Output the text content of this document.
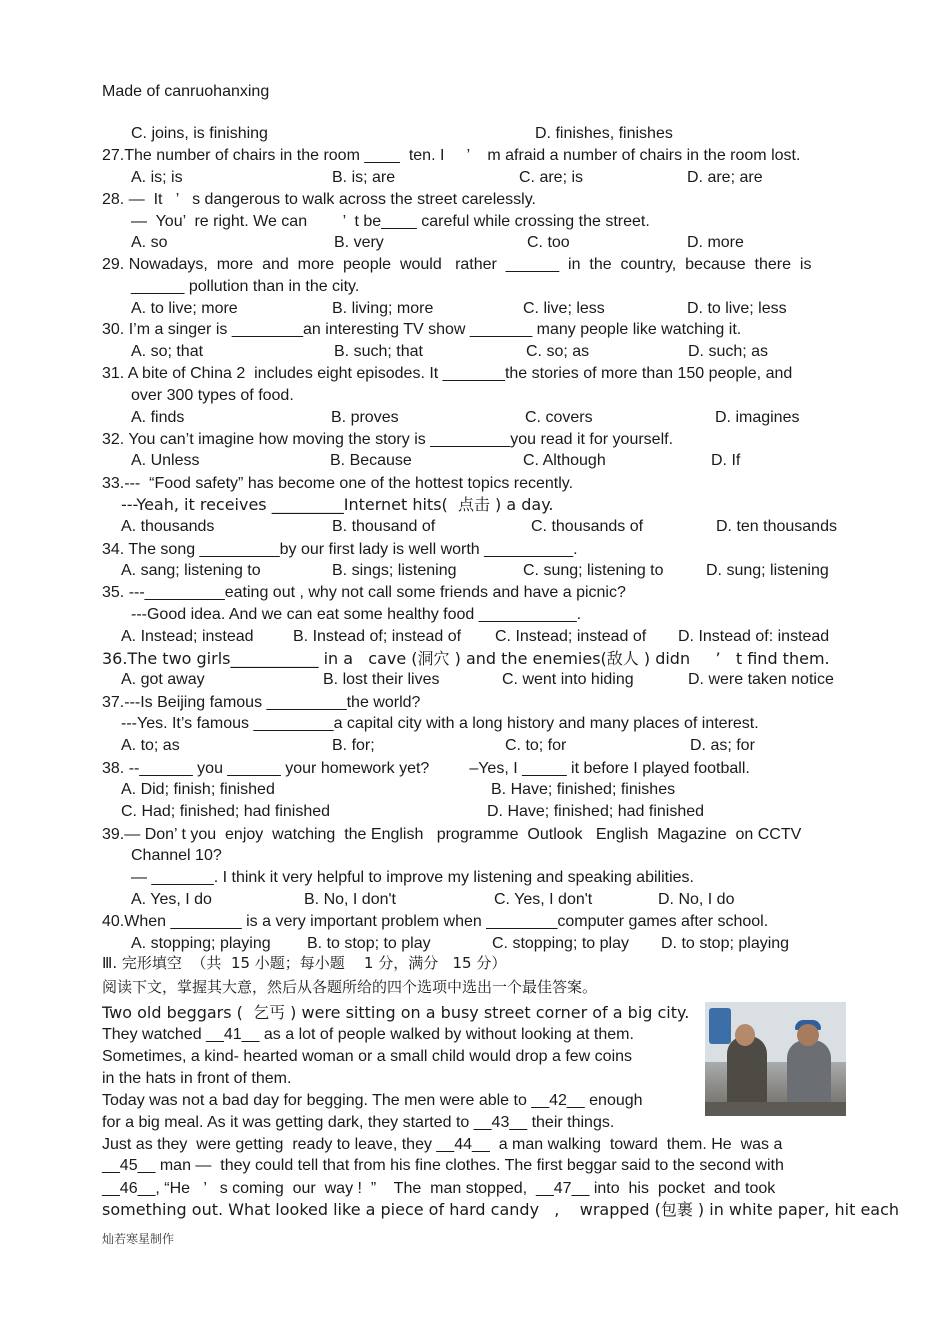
Made of canruohanxing
C. joins, is finishing	D. finishes, finishes
27.The number of chairs in the room ____  ten. I     ’    m afraid a number of chairs in the room lost.
A. is; is	B. is; are	C. are; is	D. are; are
28. —  It   ’   s dangerous to walk across the street carelessly.
—  You’  re right. We can        ’  t be____ careful while crossing the street.
A. so	B. very	C. too	D. more
29. Nowadays,  more  and  more  people  would   rather  ______  in  the  country,  because  there  is
______ pollution than in the city.
A. to live; more	B. living; more	C. live; less	D. to live; less
30. I’m a singer is ________an interesting TV show _______ many people like watching it.
A. so; that	B. such; that	C. so; as	D. such; as
31. A bite of China 2  includes eight episodes. It _______the stories of more than 150 people, and
over 300 types of food.
A. finds	B. proves	C. covers	D. imagines
32. You can’t imagine how moving the story is _________you read it for yourself.
A. Unless	B. Because	C. Although	D. If
33.---  “Food safety” has become one of the hottest topics recently.
---Yeah, it receives _________Internet hits(  点击 ) a day.
A. thousands	B. thousand of	C. thousands of	D. ten thousands
34. The song _________by our first lady is well worth __________.
A. sang; listening to	B. sings; listening	C. sung; listening to	D. sung; listening
35. ---_________eating out , why not call some friends and have a picnic?
---Good idea. And we can eat some healthy food ___________.
A. Instead; instead B. Instead of; instead of C. Instead; instead of D. Instead of: instead
36.The two girls___________ in a   cave (洞穴 ) and the enemies(敌人 ) didn     ’   t find them.
A. got away	B. lost their lives	C. went into hiding	D. were taken notice
37.---Is Beijing famous _________the world?
---Yes. It’s famous _________a capital city with a long history and many places of interest.
A. to; as	B. for;	C. to; for	D. as; for
38. --______ you ______ your homework yet?         –Yes, I _____ it before I played football.
A. Did; finish; finished	B. Have; finished; finishes
C. Had; finished; had finished	D. Have; finished; had finished
39.— Don’ t you  enjoy  watching  the English   programme  Outlook   English  Magazine  on CCTV
Channel 10?
— _______. I think it very helpful to improve my listening and speaking abilities.
A. Yes, I do	B. No, I don't	C. Yes, I don't	D. No, I do
40.When ________ is a very important problem when ________computer games after school.
A. stopping; playing B. to stop; to play	C. stopping; to play D. to stop; playing
Ⅲ. 完形填空  （共  15 小题；每小题    1 分，满分   15 分）
阅读下文，掌握其大意，然后从各题所给的四个选项中选出一个最佳答案。
Two old beggars (  乞丐 ) were sitting on a busy street corner of a big city.
They watched __41__ as a lot of people walked by without looking at them.
Sometimes, a kind- hearted woman or a small child would drop a few coins
in the hats in front of them.
Today was not a bad day for begging. The men were able to __42__ enough
for a big meal. As it was getting dark, they started to __43__ their things.
Just as they  were getting  ready to leave, they __44__  a man walking  toward  them. He  was a
__45__ man —  they could tell that from his fine clothes. The first beggar said to the second with
__46__, “He   ’   s coming  our  way !  ”    The  man stopped,  __47__ into  his  pocket  and took
something out. What looked like a piece of hard candy   ,    wrapped (包裹 ) in white paper, hit each
灿若寒星制作
